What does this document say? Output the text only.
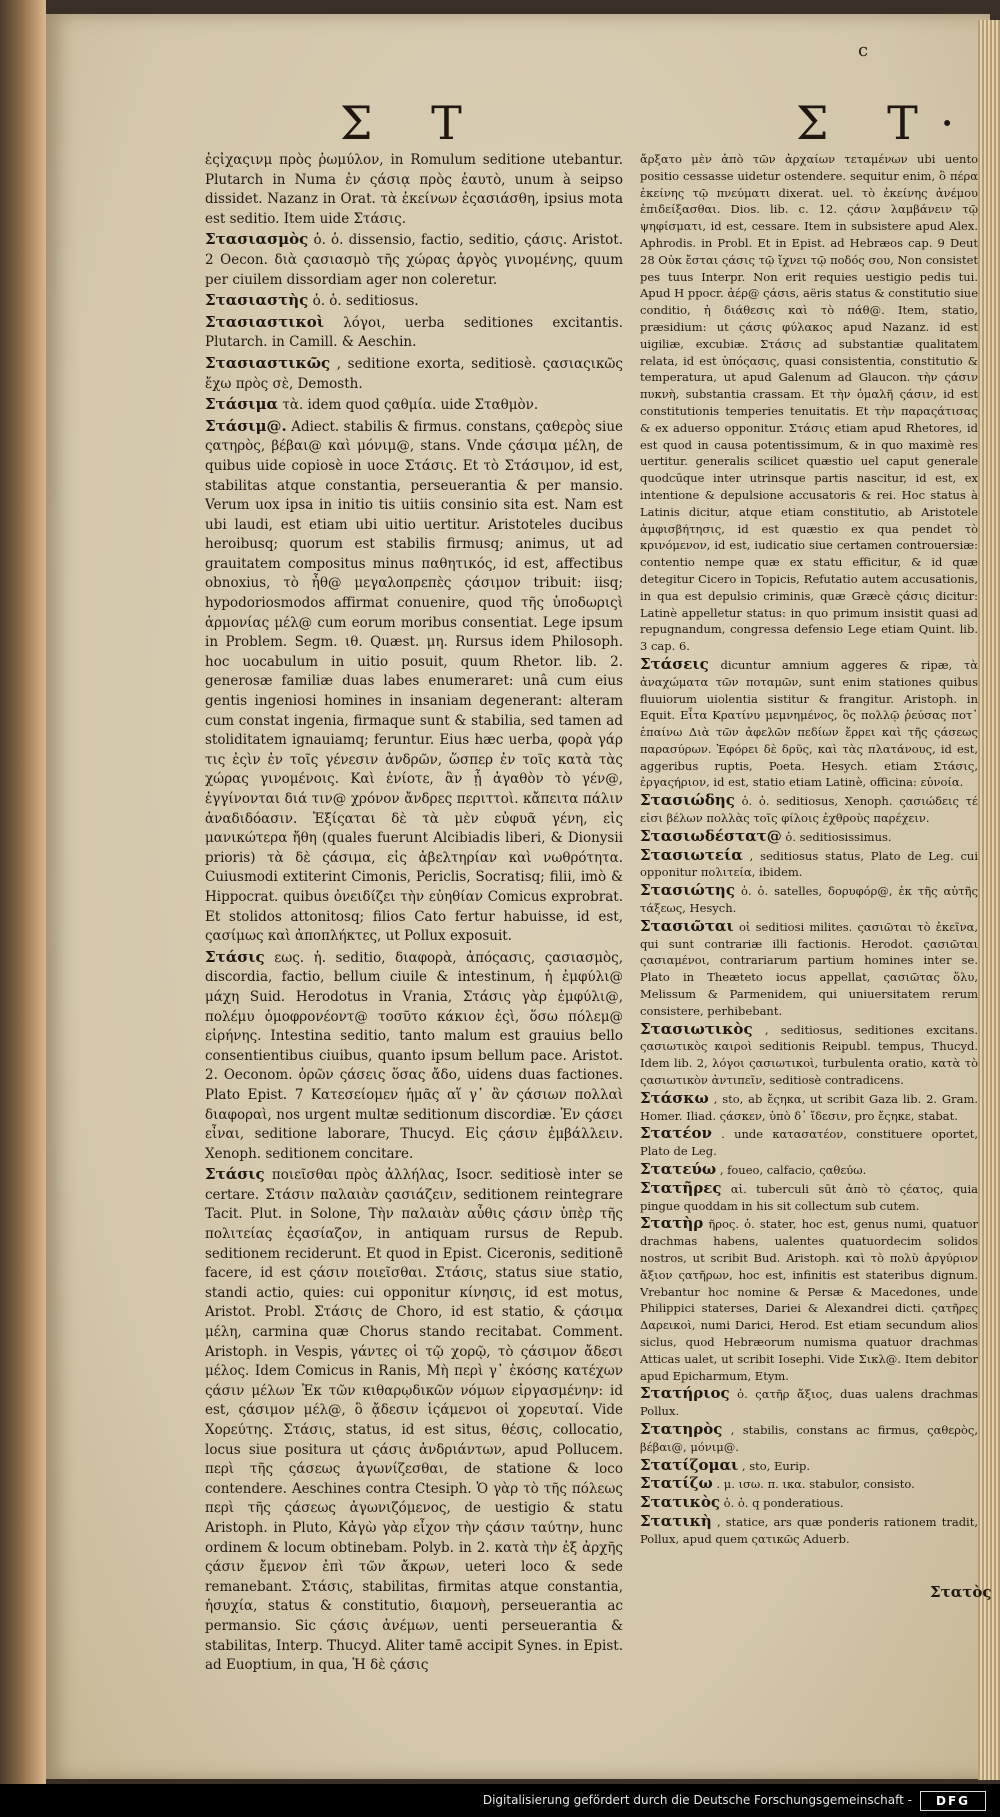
c
Σ Τ	Σ Τ·

ἐςἰχαςινμ πρὸς ῥωμύλον, in Romulum seditione utebantur. Plutarch in Numa ἐν ςάσιᾳ πρὸς ἑαυτὸ, unum à seipso dissidet. Nazanz in Orat. τὰ ἐκείνων ἐςασιάσθη, ipsius mota est seditio. Item uide Στάσις.

Στασιασμὸς ὁ. ὁ. dissensio, factio, seditio, ςάσις. Aristot. 2 Oecon. διὰ ςασιασμὸ τῆς χώρας ἀργὸς γινομένης, quum per ciuilem dissordiam ager non coleretur.

Στασιαστὴς ὁ. ὁ. seditiosus.

Στασιαστικοὶ λόγοι, uerba seditiones excitantis. Plutarch. in Camill. & Aeschin.

Στασιαστικῶς , seditione exorta, seditiosè. ςασιαςικῶς ἔχω πρὸς σὲ, Demosth.

Στάσιμα τὰ. idem quod ςαθμία. uide Σταθμὸν.

Στάσιμ@. Adiect. stabilis & firmus. constans, ςαθερὸς siue ςατηρὸς, βέβαι@ καὶ μόνιμ@, stans. Vnde ςάσιμα μέλη, de quibus uide copiosè in uoce Στάσις. Et τὸ Στάσιμον, id est, stabilitas atque constantia, perseuerantia & per mansio. Verum uox ipsa in initio tis uitiis consinio sita est. Nam est ubi laudi, est etiam ubi uitio uertitur. Aristoteles ducibus heroibusq; quorum est stabilis firmusq; animus, ut ad grauitatem compositus minus παθητικός, id est, affectibus obnoxius, τὸ ἦθ@ μεγαλοπρεπὲς ςάσιμον tribuit: iisq; hypodoriosmodos affirmat conuenire, quod τῆς ὑποδωριςὶ ἁρμονίας μέλ@ cum eorum moribus consentiat. Lege ipsum in Problem. Segm. ιθ. Quæst. μη. Rursus idem Philosoph. hoc uocabulum in uitio posuit, quum Rhetor. lib. 2. generosæ familiæ duas labes enumeraret: unâ cum eius gentis ingeniosi homines in insaniam degenerant: alteram cum constat ingenia, firmaque sunt & stabilia, sed tamen ad stoliditatem ignauiamq; feruntur. Eius hæc uerba, φορὰ γάρ τις ἐςὶν ἐν τοῖς γένεσιν ἀνδρῶν, ὥσπερ ἐν τοῖς κατὰ τὰς χώρας γινομένοις. Καὶ ἐνίοτε, ἂν ᾖ ἀγαθὸν τὸ γέν@, ἐγγίνονται διά τιν@ χρόνον ἄνδρες περιττοὶ. κἄπειτα πάλιν ἀναδιδόασιν. Ἐξίςαται δὲ τὰ μὲν εὐφυᾶ γένη, εἰς μανικώτερα ἤθη (quales fuerunt Alcibiadis liberi, & Dionysii prioris) τὰ δὲ ςάσιμα, εἰς ἀβελτηρίαν καὶ νωθρότητα. Cuiusmodi extiterint Cimonis, Periclis, Socratisq; filii, imò & Hippocrat. quibus ὀνειδίζει τὴν εὐηθίαν Comicus exprobrat. Et stolidos attonitosq; filios Cato fertur habuisse, id est, ςασίμως καὶ ἀποπλήκτες, ut Pollux exposuit.

Στάσις εως. ἡ. seditio, διαφορὰ, ἀπόςασις, ςασιασμὸς, discordia, factio, bellum ciuile & intestinum, ἡ ἐμφύλι@ μάχη Suid. Herodotus in Vrania, Στάσις γὰρ ἐμφύλι@, πολέμυ ὁμοφρονέοντ@ τοσῦτο κάκιον ἐςὶ, ὅσω πόλεμ@ εἰρήνης. Intestina seditio, tanto malum est grauius bello consentientibus ciuibus, quanto ipsum bellum pace. Aristot. 2. Oeconom. ὁρῶν ςάσεις ὅσας ἄδο, uidens duas factiones. Plato Epist. 7 Κατεσείομεν ἡμᾶς αἵ γ᾽ ἂν ςάσιων πολλαὶ διαφοραὶ, nos urgent multæ seditionum discordiæ. Ἐν ςάσει εἶναι, seditione laborare, Thucyd. Εἰς ςάσιν ἐμβάλλειν. Xenoph. seditionem concitare.

Στάσις ποιεῖσθαι πρὸς ἀλλήλας, Isocr. seditiosè inter se certare. Στάσιν παλαιὰν ςασιάζειν, seditionem reintegrare Tacit. Plut. in Solone, Τὴν παλαιὰν αὖθις ςάσιν ὑπὲρ τῆς πολιτείας ἐςασίαζον, in antiquam rursus de Repub. seditionem reciderunt. Et quod in Epist. Ciceronis, seditionē facere, id est ςάσιν ποιεῖσθαι. Στάσις, status siue statio, standi actio, quies: cui opponitur κίνησις, id est motus, Aristot. Probl. Στάσις de Choro, id est statio, & ςάσιμα μέλη, carmina quæ Chorus stando recitabat. Comment. Aristoph. in Vespis, γάντες οἱ τῷ χορῷ, τὸ ςάσιμον ἄδεσι μέλος. Idem Comicus in Ranis, Μὴ περὶ γ᾽ ἐκόσης κατέχων ςάσιν μέλων Ἐκ τῶν κιθαρῳδικῶν νόμων εἰργασμένην: id est, ςάσιμον μέλ@, ὃ ᾄδεσιν ἱςάμενοι οἱ χορευταί. Vide Χορεύτης. Στάσις, status, id est situs, θέσις, collocatio, locus siue positura ut ςάσις ἀνδριάντων, apud Pollucem. περὶ τῆς ςάσεως ἀγωνίζεσθαι, de statione & loco contendere. Aeschines contra Ctesiph. Ὁ γὰρ τὸ τῆς πόλεως περὶ τῆς ςάσεως ἀγωνιζόμενος, de uestigio & statu Aristoph. in Pluto, Κἀγὼ γὰρ εἶχον τὴν ςάσιν ταύτην, hunc ordinem & locum obtinebam. Polyb. in 2. κατὰ τὴν ἐξ ἀρχῆς ςάσιν ἔμενον ἐπὶ τῶν ἄκρων, ueteri loco & sede remanebant. Στάσις, stabilitas, firmitas atque constantia, ἡσυχία, status & constitutio, διαμονὴ, perseuerantia ac permansio. Sic ςάσις ἀνέμων, uenti perseuerantia & stabilitas, Interp. Thucyd. Aliter tamē accipit Synes. in Epist. ad Euoptium, in qua, Ἡ δὲ ςάσις

ἄρξατο μὲν ἀπὸ τῶν ἀρχαίων τεταμένων ubi uento positio cessasse uidetur ostendere. sequitur enim, ὃ πέρα ἐκείνης τῷ πνεύματι dixerat. uel. τὸ ἐκείνης ἀνέμου ἐπιδείξασθαι. Dios. lib. c. 12. ςάσιν λαμβάνειν τῷ ψηφίσματι, id est, cessare. Item in subsistere apud Alex. Aphrodis. in Probl. Et in Epist. ad Hebræos cap. 9 Deut 28 Οὐκ ἔσται ςάσις τῷ ἴχνει τῷ ποδός σου, Non consistet pes tuus Interpr. Non erit requies uestigio pedis tui. Apud H ppocr. ἀέρ@ ςάσιs, aëris status & constitutio siue conditio, ἡ διάθεσις καὶ τὸ πάθ@. Item, statio, præsidium: ut ςάσις φύλακος apud Nazanz. id est uigiliæ, excubiæ. Στάσις ad substantiæ qualitatem relata, id est ὑπόςασις, quasi consistentia, constitutio & temperatura, ut apud Galenum ad Glaucon. τὴν ςάσιν πυκνὴ, substantia crassam. Et τὴν ὁμαλῆ ςάσιν, id est constitutionis temperies tenuitatis. Et τὴν παραςάτισας & ex aduerso opponitur. Στάσις etiam apud Rhetores, id est quod in causa potentissimum, & in quo maximè res uertitur. generalis scilicet quæstio uel caput generale quodcūque inter utrinsque partis nascitur, id est, ex intentione & depulsione accusatoris & rei. Hoc status à Latinis dicitur, atque etiam constitutio, ab Aristotele ἀμφισβήτησις, id est quæstio ex qua pendet τὸ κρινόμενον, id est, iudicatio siue certamen controuersiæ: contentio nempe quæ ex statu efficitur, & id quæ detegitur Cicero in Topicis, Refutatio autem accusationis, in qua est depulsio criminis, quæ Græcè ςάσις dicitur: Latinè appelletur status: in quo primum insistit quasi ad repugnandum, congressa defensio Lege etiam Quint. lib. 3 cap. 6.

Στάσεις dicuntur amnium aggeres & ripæ, τὰ ἀναχώματα τῶν ποταμῶν, sunt enim stationes quibus fluuiorum uiolentia sistitur & frangitur. Aristoph. in Equit. Εἶτα Κρατίνυ μεμνημένος, ὃς πολλῷ ῥεύσας ποτ᾽ ἐπαίνω Διὰ τῶν ἀφελῶν πεδίων ἔρρει καὶ τῆς ςάσεως παρασύρων. Ἐφόρει δὲ δρῦς, καὶ τὰς πλατάνους, id est, aggeribus ruptis, Poeta. Hesych. etiam Στάσις, ἐργαςήριον, id est, statio etiam Latinè, officina: εὐνοία.

Στασιώδης ὁ. ὁ. seditiosus, Xenoph. ςασιώδεις τέ εἰσι βέλων πολλὰς τοῖς φίλοις ἐχθροὺς παρέχειν.

Στασιωδέστατ@ ὁ. seditiosissimus.

Στασιωτεία , seditiosus status, Plato de Leg. cui opponitur πολιτεία, ibidem.

Στασιώτης ὁ. ὁ. satelles, δορυφόρ@, ἐκ τῆς αὐτῆς τάξεως, Hesych.

Στασιῶται οἱ seditiosi milites. ςασιῶται τὸ ἐκεῖνα, qui sunt contrariæ illi factionis. Herodot. ςασιῶται ςασιαμένοι, contrariarum partium homines inter se. Plato in Theæteto iocus appellat, ςασιῶτας ὅλυ, Melissum & Parmenidem, qui uniuersitatem rerum consistere, perhibebant.

Στασιωτικὸς , seditiosus, seditiones excitans. ςασιωτικὸς καιροὶ seditionis Reipubl. tempus, Thucyd. Idem lib. 2, λόγοι ςασιωτικοὶ, turbulenta oratio, κατὰ τὸ ςασιωτικὸν ἀντιπεῖν, seditiosè contradicens.

Στάσκω , sto, ab ἔςηκα, ut scribit Gaza lib. 2. Gram. Homer. Iliad. ςάσκεν, ὑπὸ δ᾽ ἴδεσιν, pro ἔςηκε, stabat.

Στατέον . unde κατασατέον, constituere oportet, Plato de Leg.

Στατεύω , foueo, calfacio, ςαθεύω.

Στατῆρες αἱ. tuberculi sūt ἀπὸ τὸ ςέατος, quia pingue quoddam in his sit collectum sub cutem.

Στατὴρ ῆρος. ὁ. stater, hoc est, genus numi, quatuor drachmas habens, ualentes quatuordecim solidos nostros, ut scribit Bud. Aristoph. καὶ τὸ πολὺ ἀργύριον ἄξιον ςατῆρων, hoc est, infinitis est stateribus dignum. Vrebantur hoc nomine & Persæ & Macedones, unde Philippici staterses, Dariei & Alexandrei dicti. ςατῆρες Δαρεικοὶ, numi Darici, Herod. Est etiam secundum alios siclus, quod Hebræorum numisma quatuor drachmas Atticas ualet, ut scribit Iosephi. Vide Σικλ@. Item debitor apud Epicharmum, Etym.

Στατήριος ὁ. ςατῆρ ἄξιος, duas ualens drachmas Pollux.

Στατηρὸς , stabilis, constans ac firmus, ςαθερὸς, βέβαι@, μόνιμ@.

Στατίζομαι , sto, Eurip.

Στατίζω . μ. ισω. π. ικα. stabulor, consisto.

Στατικὸς ὁ. ὁ. q ponderatious.

Στατικὴ , statice, ars quæ ponderis rationem tradit, Pollux, apud quem ςατικῶς Aduerb.

Στατὸς
Digitalisierung gefördert durch die Deutsche Forschungsgemeinschaft -	DFG
